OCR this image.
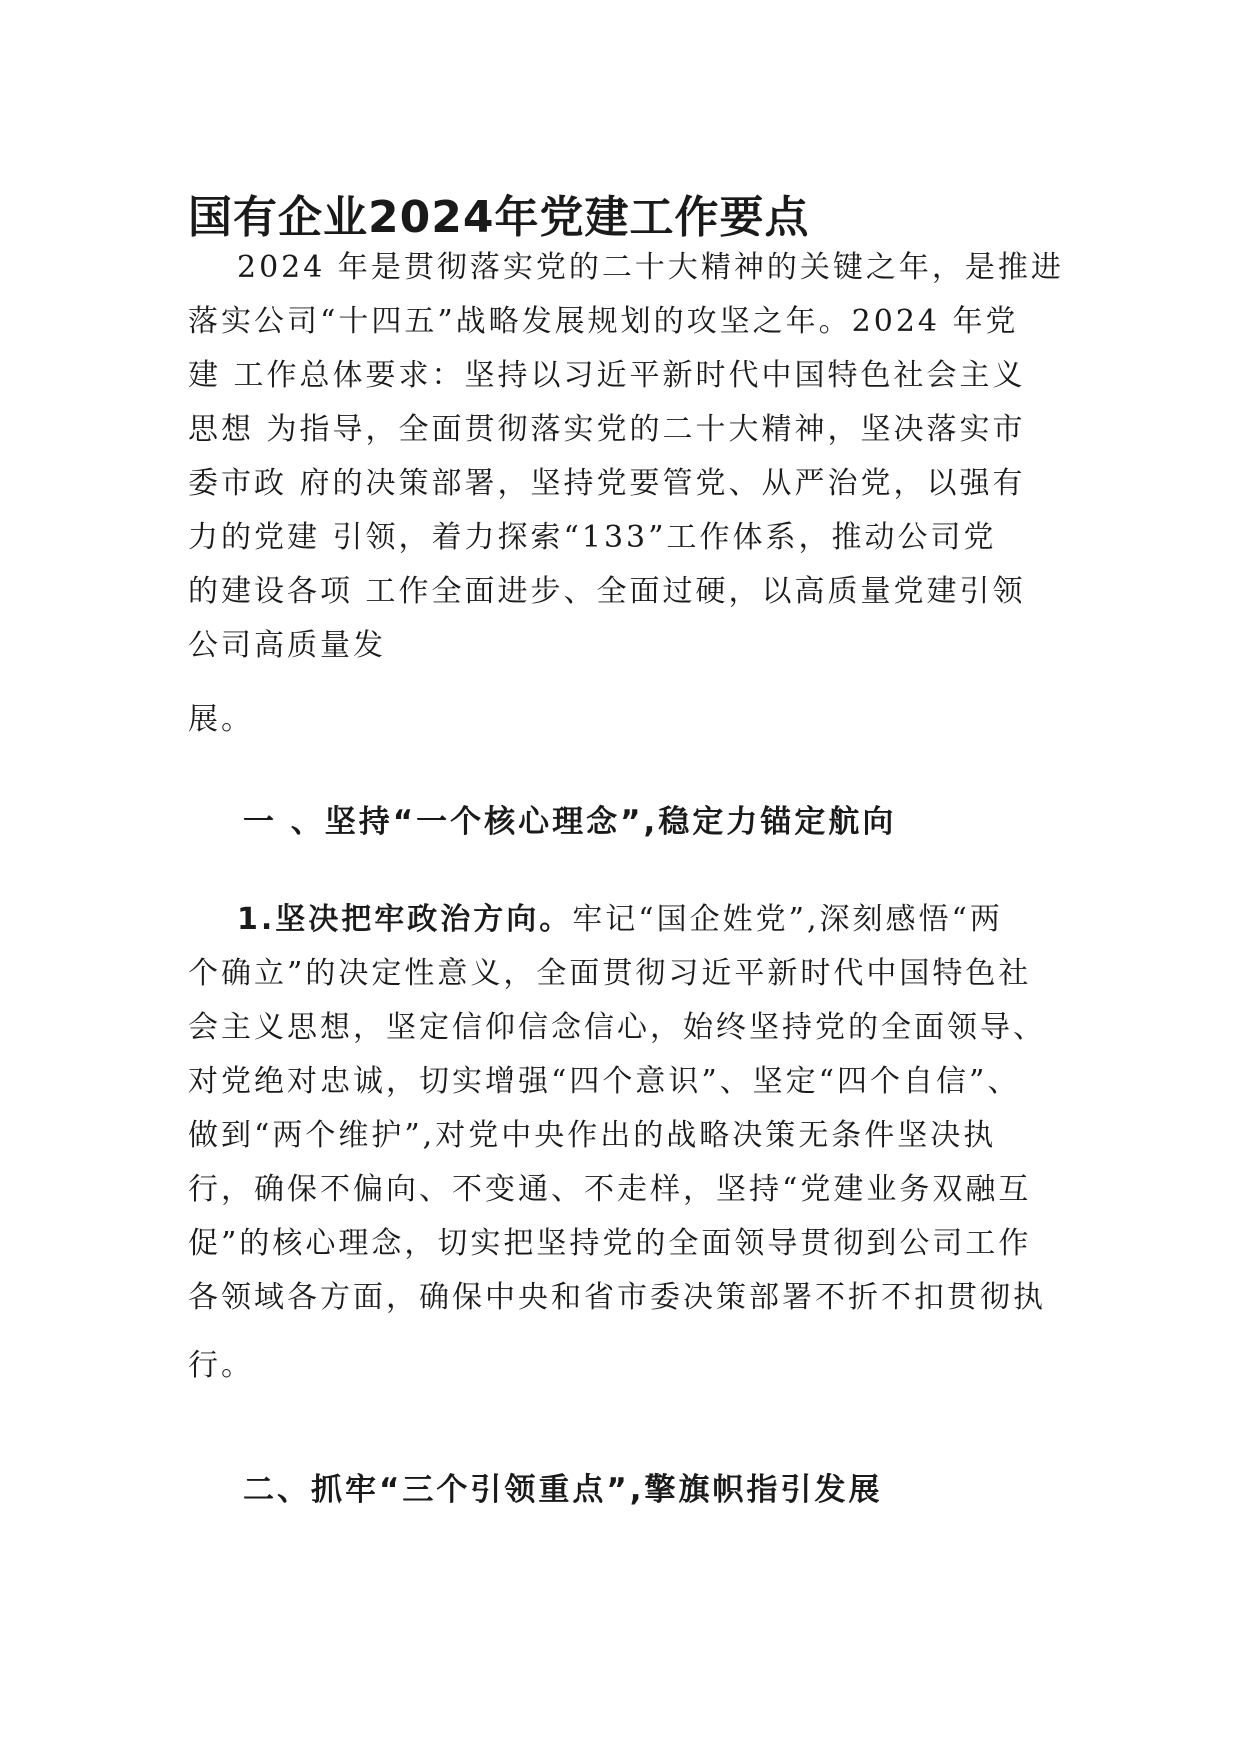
国有企业2024年党建工作要点
2024 年是贯彻落实党的二十大精神的关键之年，是推进
落实公司“十四五”战略发展规划的攻坚之年。2024 年党
建 工作总体要求：坚持以习近平新时代中国特色社会主义
思想 为指导，全面贯彻落实党的二十大精神，坚决落实市
委市政 府的决策部署，坚持党要管党、从严治党，以强有
力的党建 引领，着力探索“133”工作体系，推动公司党
的建设各项 工作全面进步、全面过硬，以高质量党建引领
公司高质量发
展。
一 、坚持“一个核心理念”,稳定力锚定航向
1.坚决把牢政治方向。牢记“国企姓党”,深刻感悟“两
个确立”的决定性意义，全面贯彻习近平新时代中国特色社
会主义思想，坚定信仰信念信心，始终坚持党的全面领导、
对党绝对忠诚，切实增强“四个意识”、坚定“四个自信”、
做到“两个维护”,对党中央作出的战略决策无条件坚决执
行，确保不偏向、不变通、不走样，坚持“党建业务双融互
促”的核心理念，切实把坚持党的全面领导贯彻到公司工作
各领域各方面，确保中央和省市委决策部署不折不扣贯彻执
行。
二、抓牢“三个引领重点”,擎旗帜指引发展
